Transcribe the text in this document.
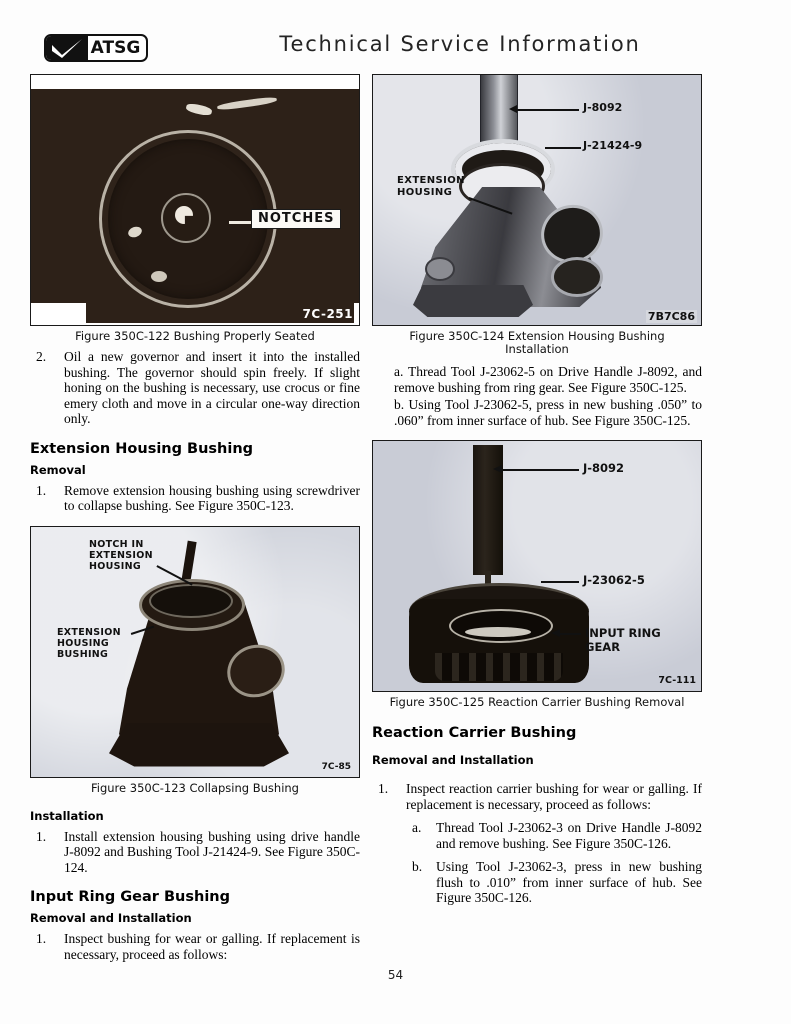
ATSG	Technical Service Information
NOTCHES
7C-251
Figure 350C-122 Bushing Properly Seated
2. Oil a new governor and insert it into the installed bushing. The governor should spin freely. If slight honing on the bushing is necessary, use crocus or fine emery cloth and move in a circular one-way direction only.
Extension Housing Bushing
Removal
1. Remove extension housing bushing using screwdriver to collapse bushing. See Figure 350C-123.
NOTCH IN
EXTENSION
HOUSING
EXTENSION
HOUSING
BUSHING
7C-85
Figure 350C-123 Collapsing Bushing
Installation
1. Install extension housing bushing using drive handle J-8092 and Bushing Tool J-21424-9. See Figure 350C-124.
Input Ring Gear Bushing
Removal and Installation
1. Inspect bushing for wear or galling. If replacement is necessary, proceed as follows:
J-8092
J-21424-9
EXTENSION
HOUSING
7B7C86
Figure 350C-124 Extension Housing Bushing
Installation
a. Thread Tool J-23062-5 on Drive Handle J-8092, and remove bushing from ring gear. See Figure 350C-125.
b. Using Tool J-23062-5, press in new bushing .050” to .060” from inner surface of hub. See Figure 350C-125.
J-8092
J-23062-5
INPUT RING
GEAR
7C-111
Figure 350C-125 Reaction Carrier Bushing Removal
Reaction Carrier Bushing
Removal and Installation
1. Inspect reaction carrier bushing for wear or galling. If replacement is necessary, proceed as follows:
a. Thread Tool J-23062-3 on Drive Handle J-8092 and remove bushing. See Figure 350C-126.
b. Using Tool J-23062-3, press in new bushing flush to .010” from inner surface of hub. See Figure 350C-126.
54
